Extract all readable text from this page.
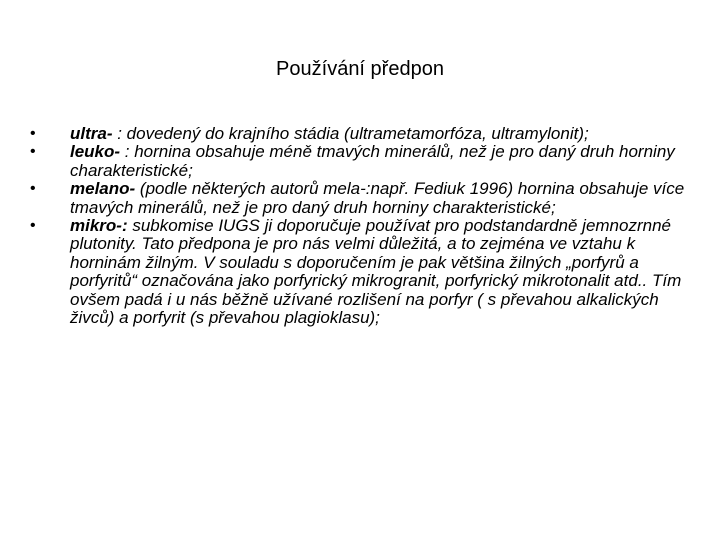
Používání předpon
•	ultra- : dovedený do krajního stádia (ultrametamorfóza, ultramylonit);
•	leuko- : hornina obsahuje méně tmavých minerálů, než je pro daný druh horniny charakteristické;
•	melano- (podle některých autorů mela-:např. Fediuk 1996) hornina obsahuje více tmavých minerálů, než je pro daný druh horniny charakteristické;
•	mikro-: subkomise IUGS ji doporučuje používat pro podstandardně jemnozrnné plutonity. Tato předpona je pro nás velmi důležitá, a to zejména ve vztahu k horninám žilným. V souladu s doporučením je pak většina žilných „porfyrů a porfyritů“ označována jako porfyrický mikrogranit, porfyrický mikrotonalit atd.. Tím ovšem padá i u nás běžně užívané rozlišení na porfyr ( s převahou alkalických živců) a porfyrit (s převahou plagioklasu);
